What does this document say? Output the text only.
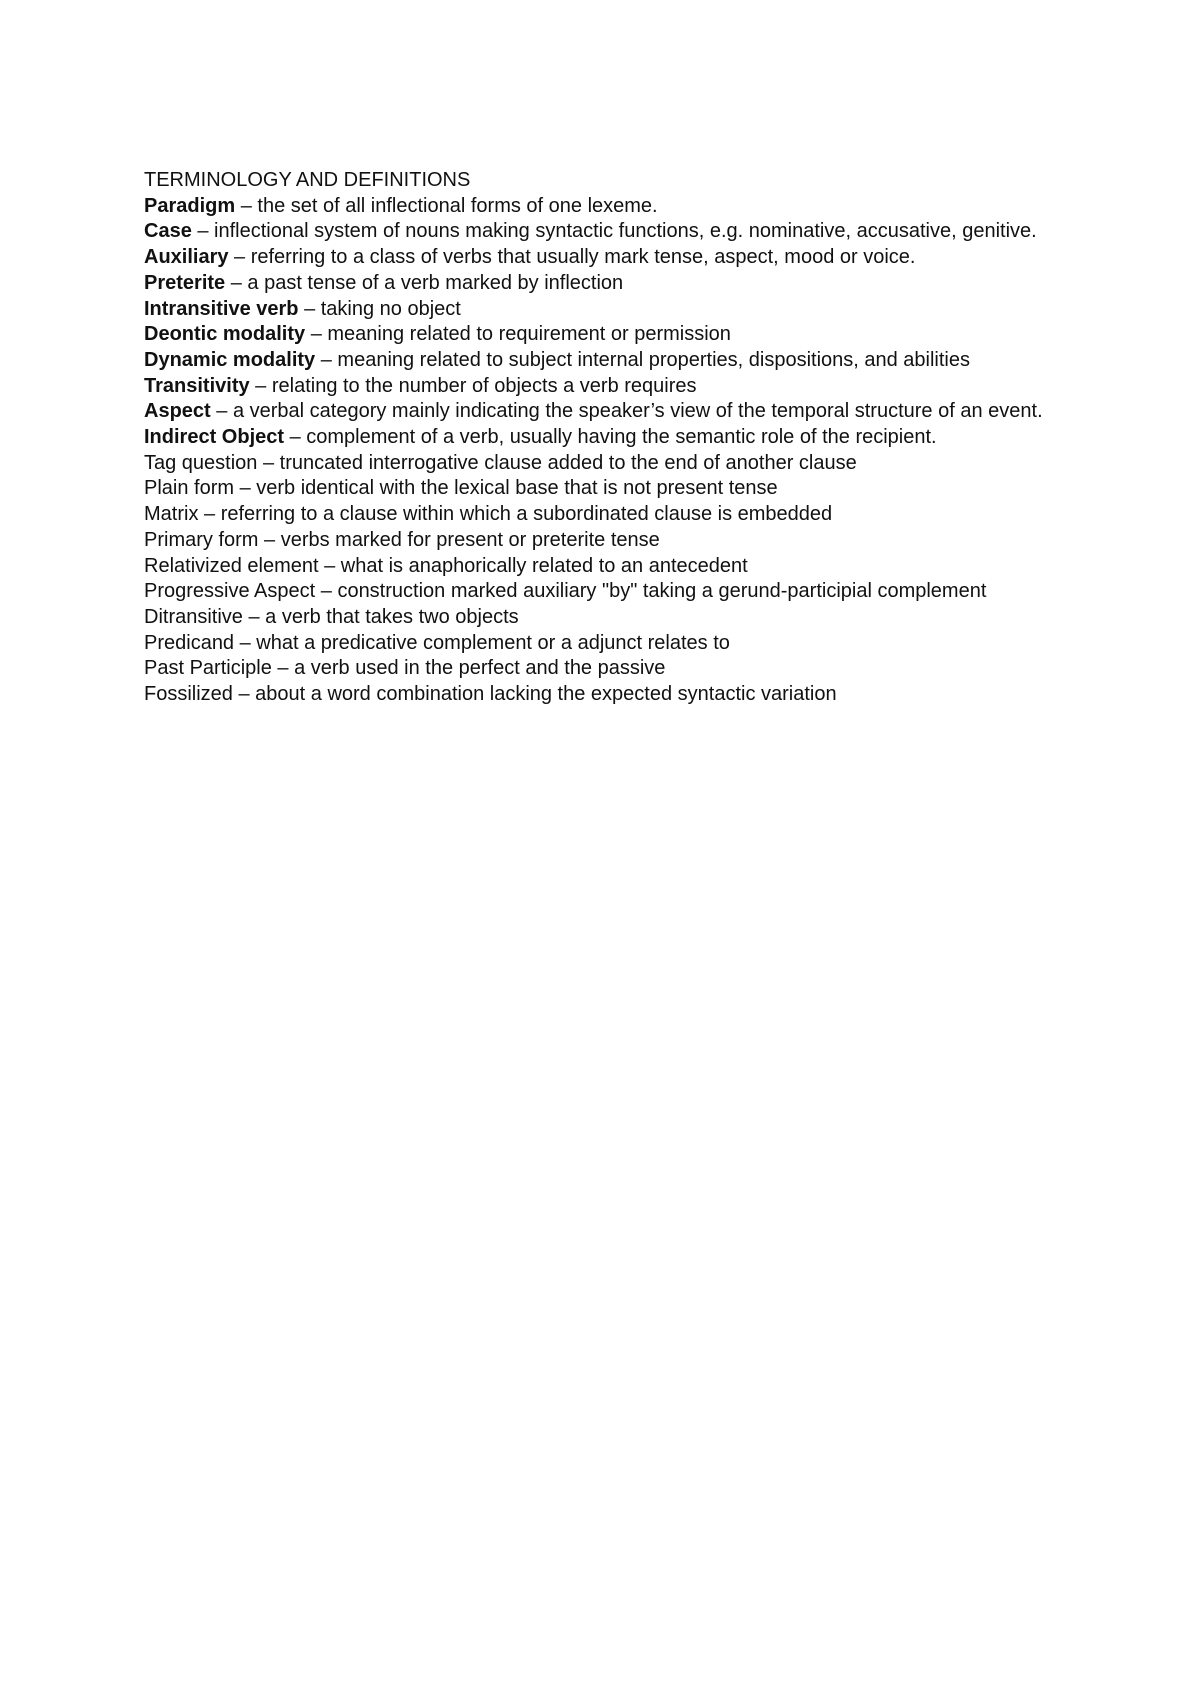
TERMINOLOGY AND DEFINITIONS
Paradigm – the set of all inflectional forms of one lexeme.
Case – inflectional system of nouns making syntactic functions, e.g. nominative, accusative, genitive.
Auxiliary – referring to a class of verbs that usually mark tense, aspect, mood or voice.
Preterite – a past tense of a verb marked by inflection
Intransitive verb – taking no object
Deontic modality – meaning related to requirement or permission
Dynamic modality – meaning related to subject internal properties, dispositions, and abilities
Transitivity – relating to the number of objects a verb requires
Aspect – a verbal category mainly indicating the speaker’s view of the temporal structure of an event.
Indirect Object – complement of a verb, usually having the semantic role of the recipient.
Tag question – truncated interrogative clause added to the end of another clause
Plain form – verb identical with the lexical base that is not present tense
Matrix – referring to a clause within which a subordinated clause is embedded
Primary form – verbs marked for present or preterite tense
Relativized element – what is anaphorically related to an antecedent
Progressive Aspect – construction marked auxiliary "by" taking a gerund-participial complement
Ditransitive – a verb that takes two objects
Predicand – what a predicative complement or a adjunct relates to
Past Participle – a verb used in the perfect and the passive
Fossilized – about a word combination lacking the expected syntactic variation
